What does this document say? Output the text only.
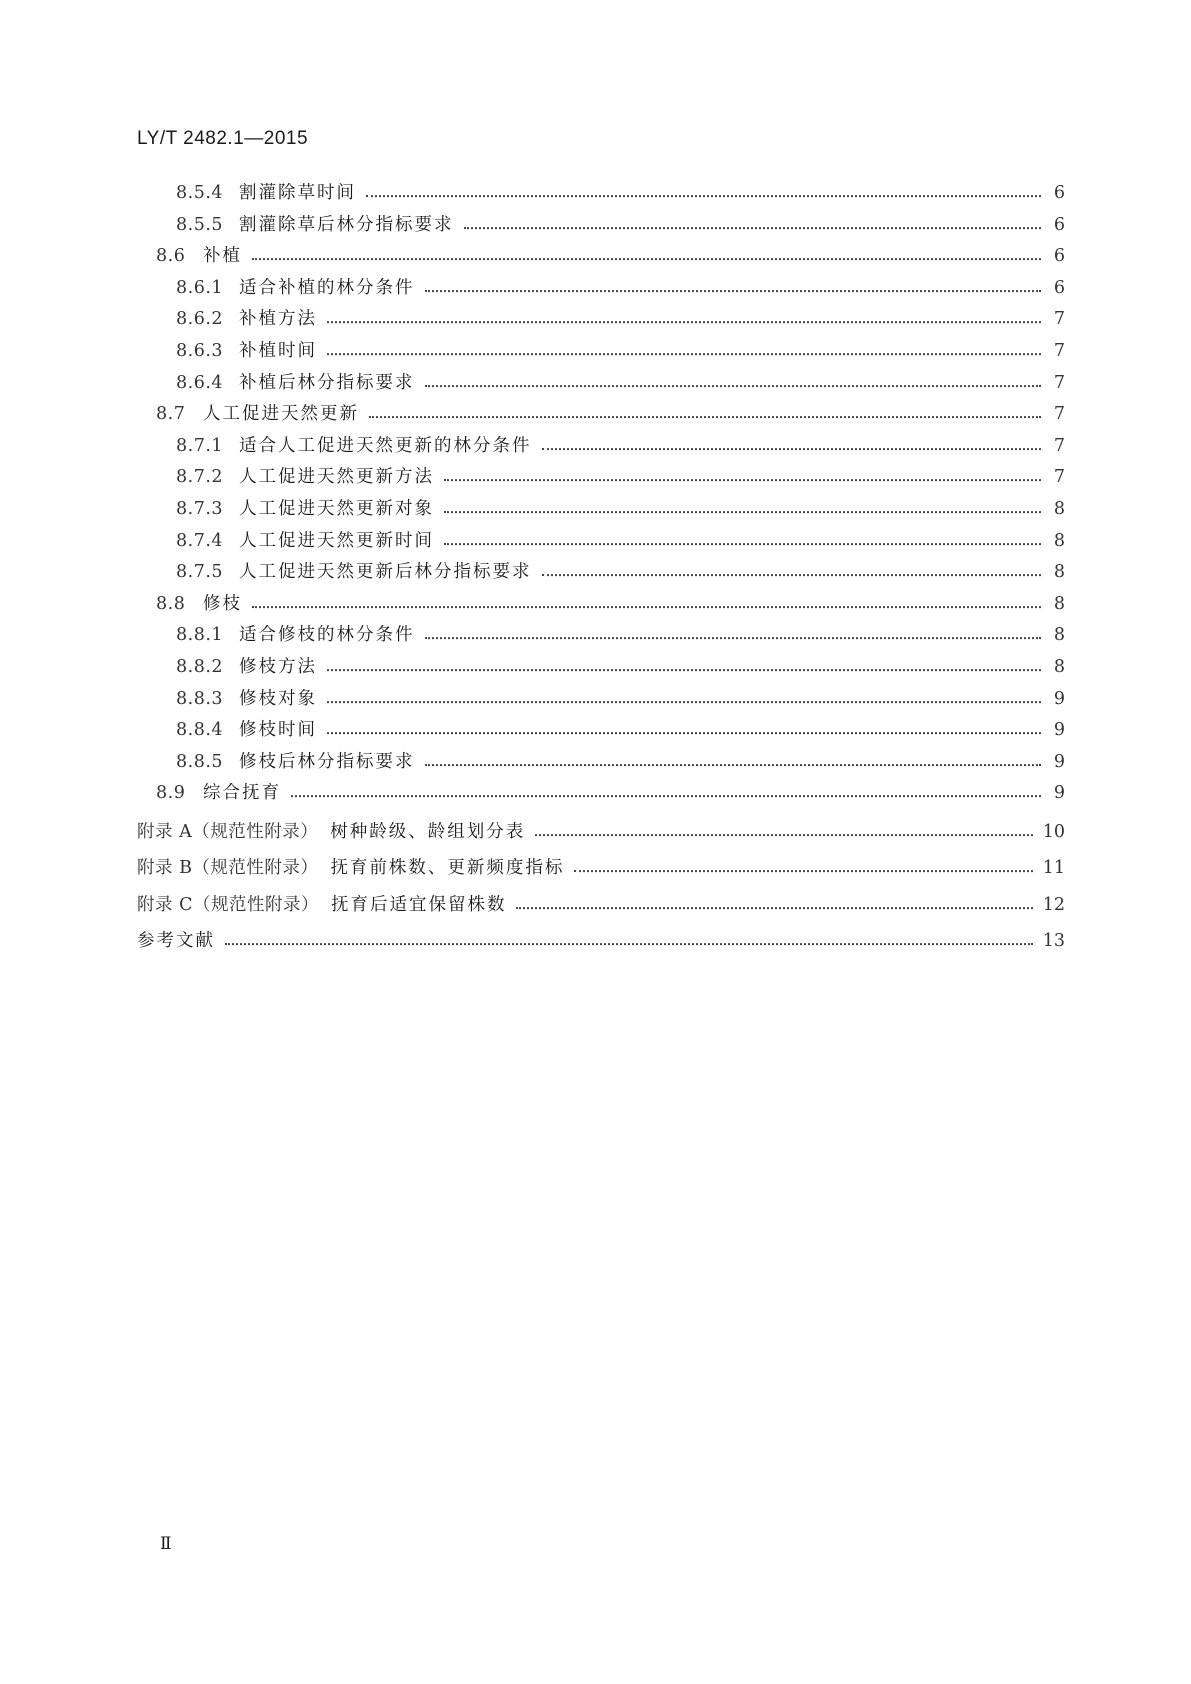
LY/T 2482.1—2015
8.5.4 割灌除草时间	6
8.5.5 割灌除草后林分指标要求	6
8.6	补植	6
8.6.1 适合补植的林分条件	6
8.6.2 补植方法	7
8.6.3 补植时间	7
8.6.4 补植后林分指标要求	7
8.7	人工促进天然更新	7
8.7.1 适合人工促进天然更新的林分条件	7
8.7.2 人工促进天然更新方法	7
8.7.3 人工促进天然更新对象	8
8.7.4 人工促进天然更新时间	8
8.7.5 人工促进天然更新后林分指标要求	8
8.8	修枝	8
8.8.1 适合修枝的林分条件	8
8.8.2 修枝方法	8
8.8.3 修枝对象	9
8.8.4 修枝时间	9
8.8.5 修枝后林分指标要求	9
8.9	综合抚育	9
附录 A（规范性附录） 树种龄级、龄组划分表	10
附录 B（规范性附录） 抚育前株数、更新频度指标	11
附录 C（规范性附录） 抚育后适宜保留株数	12
参考文献	13
Ⅱ
